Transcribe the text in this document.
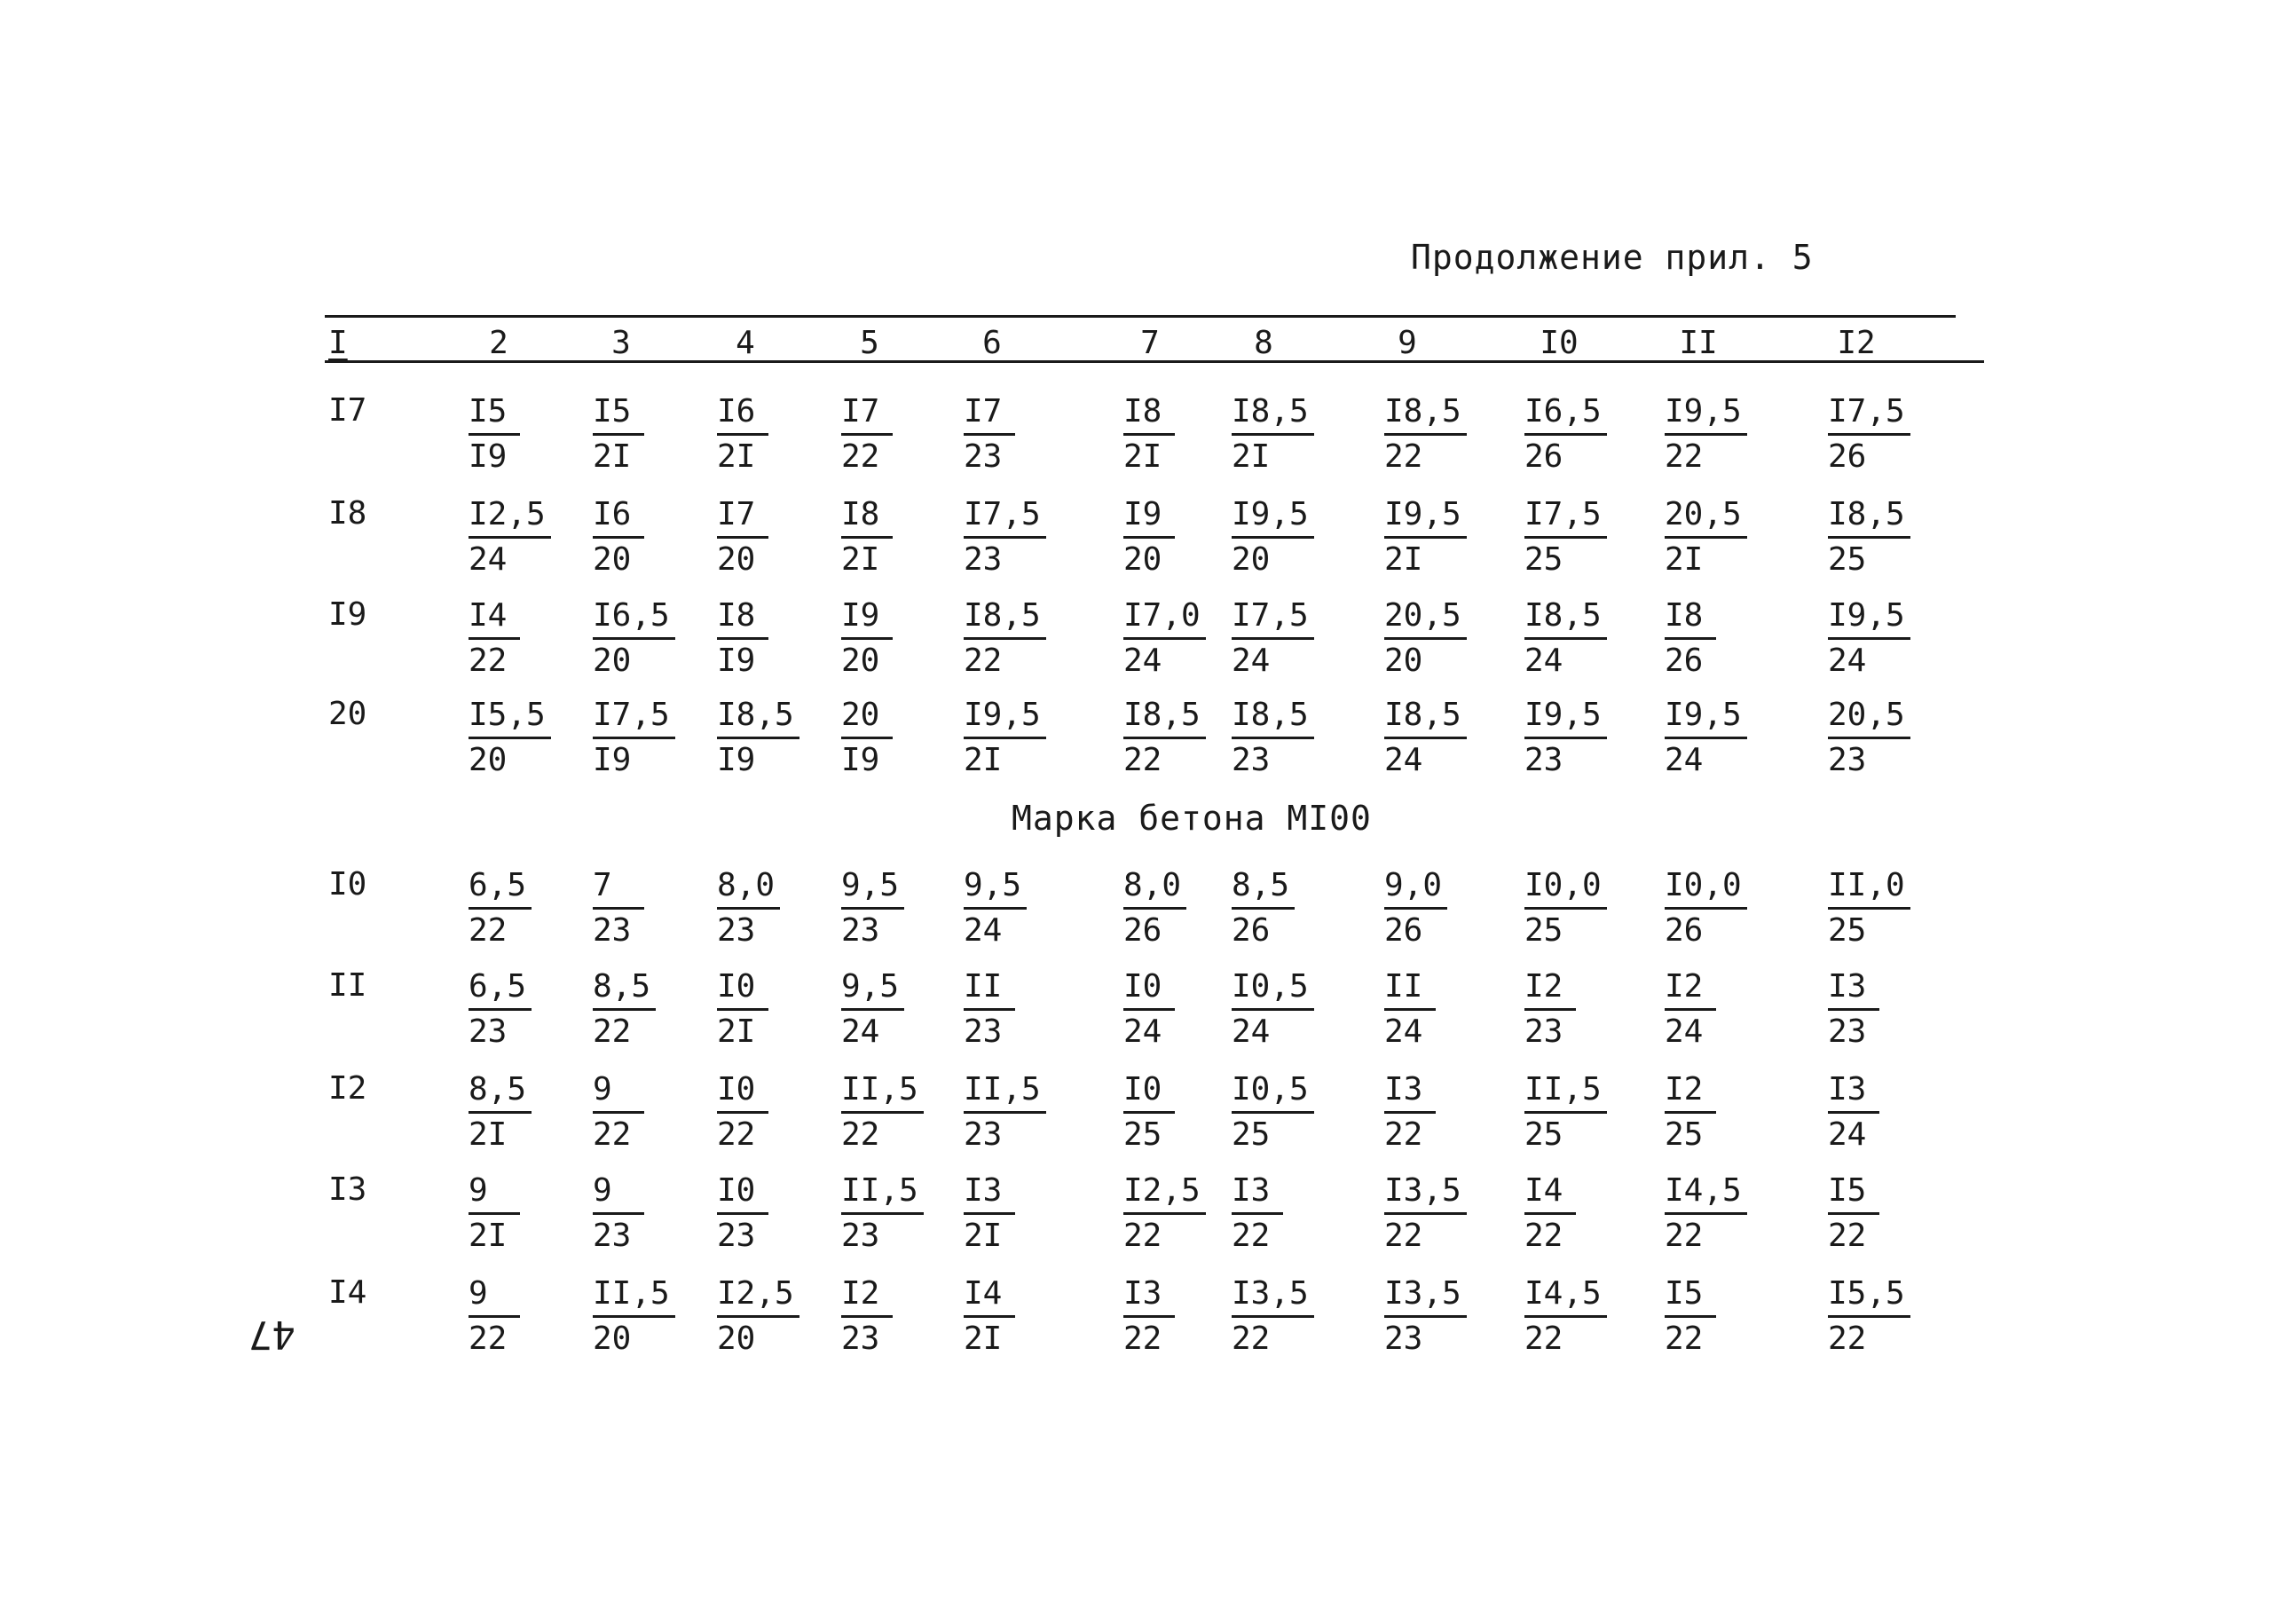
Продолжение прил. 5
I	2	3	4	5	6	7	8	9	I0	II	I2
I7	$\frac{I5}{I9} \frac{I5}{2I} \frac{I6}{2I} \frac{I7}{22} \frac{I7}{23}$	$\frac{I8}{2I} \frac{I8,5}{2I} \frac{I8,5}{22} \frac{I6,5}{26} \frac{I9,5}{22}$	$\frac{I7,5}{26}$
I8	$\frac{I2,5}{24} \frac{I6}{20} \frac{I7}{20} \frac{I8}{2I} \frac{I7,5}{23} \frac{I9}{20} \frac{I9,5}{20} \frac{I9,5}{2I} \frac{I7,5}{25} \frac{20,5}{2I}$	$\frac{I8,5}{25}$
I9	$\frac{I4}{22} \frac{I6,5}{20} \frac{I8}{I9} \frac{I9}{20} \frac{I8,5}{22} \frac{I7,0}{24} \frac{I7,5}{24} \frac{20,5}{20} \frac{I8,5}{24} \frac{I8}{26}$	$\frac{I9,5}{24}$
20	$\frac{I5,5}{20} \frac{I7,5}{I9} \frac{I8,5}{I9} \frac{20}{I9} \frac{I9,5}{2I} \frac{I8,5}{22} \frac{I8,5}{23} \frac{I8,5}{24} \frac{I9,5}{23} \frac{I9,5}{24}$	$\frac{20,5}{23}$
I0	$\frac{6,5}{22} \frac{7}{23} \frac{8,0}{23} \frac{9,5}{23} \frac{9,5}{24}$	$\frac{8,0}{26} \frac{8,5}{26}$	$\frac{9,0}{26} \frac{I0,0}{25} \frac{I0,0}{26}$	$\frac{II,0}{25}$
II	$\frac{6,5}{23} \frac{8,5}{22} \frac{I0}{2I} \frac{9,5}{24} \frac{II}{23}$	$\frac{I0}{24} \frac{I0,5}{24} \frac{II}{24}$	$\frac{I2}{23}$	$\frac{I2}{24}$	$\frac{I3}{23}$
I2	$\frac{8,5}{2I} \frac{9}{22} \frac{I0}{22} \frac{II,5}{22} \frac{II,5}{23} \frac{I0}{25} \frac{I0,5}{25} \frac{I3}{22}$	$\frac{II,5}{25} \frac{I2}{25}$	$\frac{I3}{24}$
I3	$\frac{9}{2I} \frac{9}{23} \frac{I0}{23} \frac{II,5}{23} \frac{I3}{2I}$	$\frac{I2,5}{22} \frac{I3}{22}$	$\frac{I3,5}{22} \frac{I4}{22}$	$\frac{I4,5}{22}$	$\frac{I5}{22}$
I4	$\frac{9}{22} \frac{II,5}{20} \frac{I2,5}{20} \frac{I2}{23} \frac{I4}{2I}$	$\frac{I3}{22} \frac{I3,5}{22} \frac{I3,5}{23} \frac{I4,5}{22} \frac{I5}{22}$	$\frac{I5,5}{22}$
Марка бетона МI00
47
